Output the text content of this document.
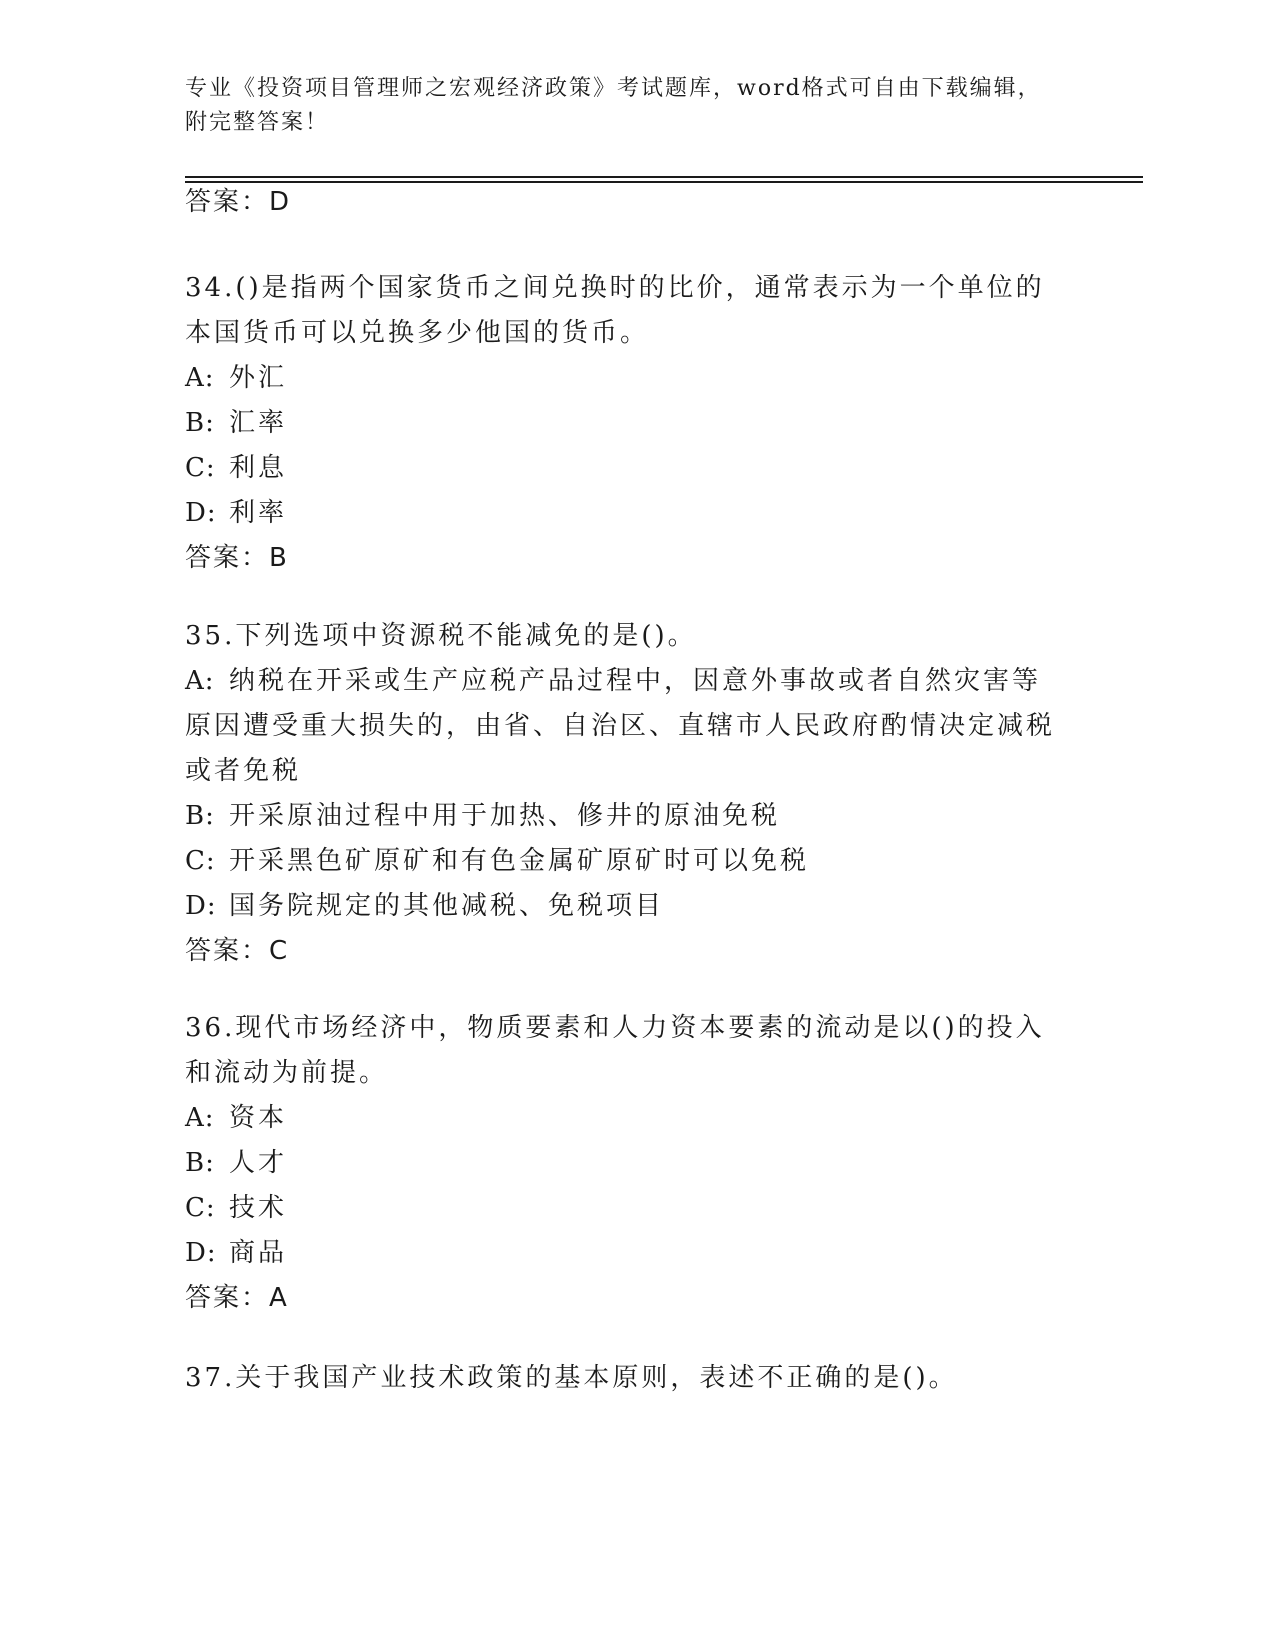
专业《投资项目管理师之宏观经济政策》考试题库，word格式可自由下载编辑，附完整答案！

答案：D

34.()是指两个国家货币之间兑换时的比价，通常表示为一个单位的本国货币可以兑换多少他国的货币。

A: 外汇

B: 汇率

C: 利息

D: 利率

答案：B

35.下列选项中资源税不能减免的是()。

A: 纳税在开采或生产应税产品过程中，因意外事故或者自然灾害等原因遭受重大损失的，由省、自治区、直辖市人民政府酌情决定减税或者免税

B: 开采原油过程中用于加热、修井的原油免税

C: 开采黑色矿原矿和有色金属矿原矿时可以免税

D: 国务院规定的其他减税、免税项目

答案：C

36.现代市场经济中，物质要素和人力资本要素的流动是以()的投入和流动为前提。

A: 资本

B: 人才

C: 技术

D: 商品

答案：A

37.关于我国产业技术政策的基本原则，表述不正确的是()。
